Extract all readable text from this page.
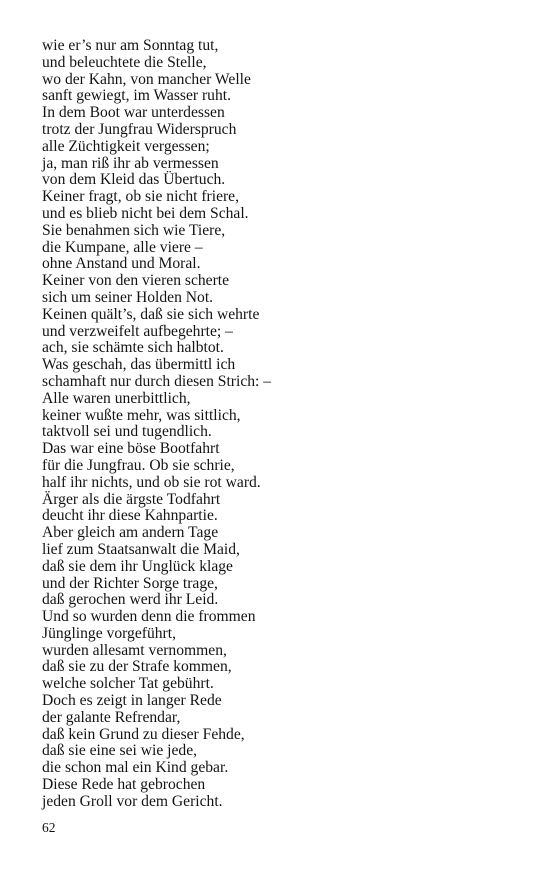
wie er’s nur am Sonntag tut,
und beleuchtete die Stelle,
wo der Kahn, von mancher Welle
sanft gewiegt, im Wasser ruht.
In dem Boot war unterdessen
trotz der Jungfrau Widerspruch
alle Züchtigkeit vergessen;
ja, man riß ihr ab vermessen
von dem Kleid das Übertuch.
Keiner fragt, ob sie nicht friere,
und es blieb nicht bei dem Schal.
Sie benahmen sich wie Tiere,
die Kumpane, alle viere –
ohne Anstand und Moral.
Keiner von den vieren scherte
sich um seiner Holden Not.
Keinen quält’s, daß sie sich wehrte
und verzweifelt aufbegehrte; –
ach, sie schämte sich halbtot.
Was geschah, das übermittl ich
schamhaft nur durch diesen Strich: –
Alle waren unerbittlich,
keiner wußte mehr, was sittlich,
taktvoll sei und tugendlich.
Das war eine böse Bootfahrt
für die Jungfrau. Ob sie schrie,
half ihr nichts, und ob sie rot ward.
Ärger als die ärgste Todfahrt
deucht ihr diese Kahnpartie.
Aber gleich am andern Tage
lief zum Staatsanwalt die Maid,
daß sie dem ihr Unglück klage
und der Richter Sorge trage,
daß gerochen werd ihr Leid.
Und so wurden denn die frommen
Jünglinge vorgeführt,
wurden allesamt vernommen,
daß sie zu der Strafe kommen,
welche solcher Tat gebührt.
Doch es zeigt in langer Rede
der galante Refrendar,
daß kein Grund zu dieser Fehde,
daß sie eine sei wie jede,
die schon mal ein Kind gebar.
Diese Rede hat gebrochen
jeden Groll vor dem Gericht.
62
